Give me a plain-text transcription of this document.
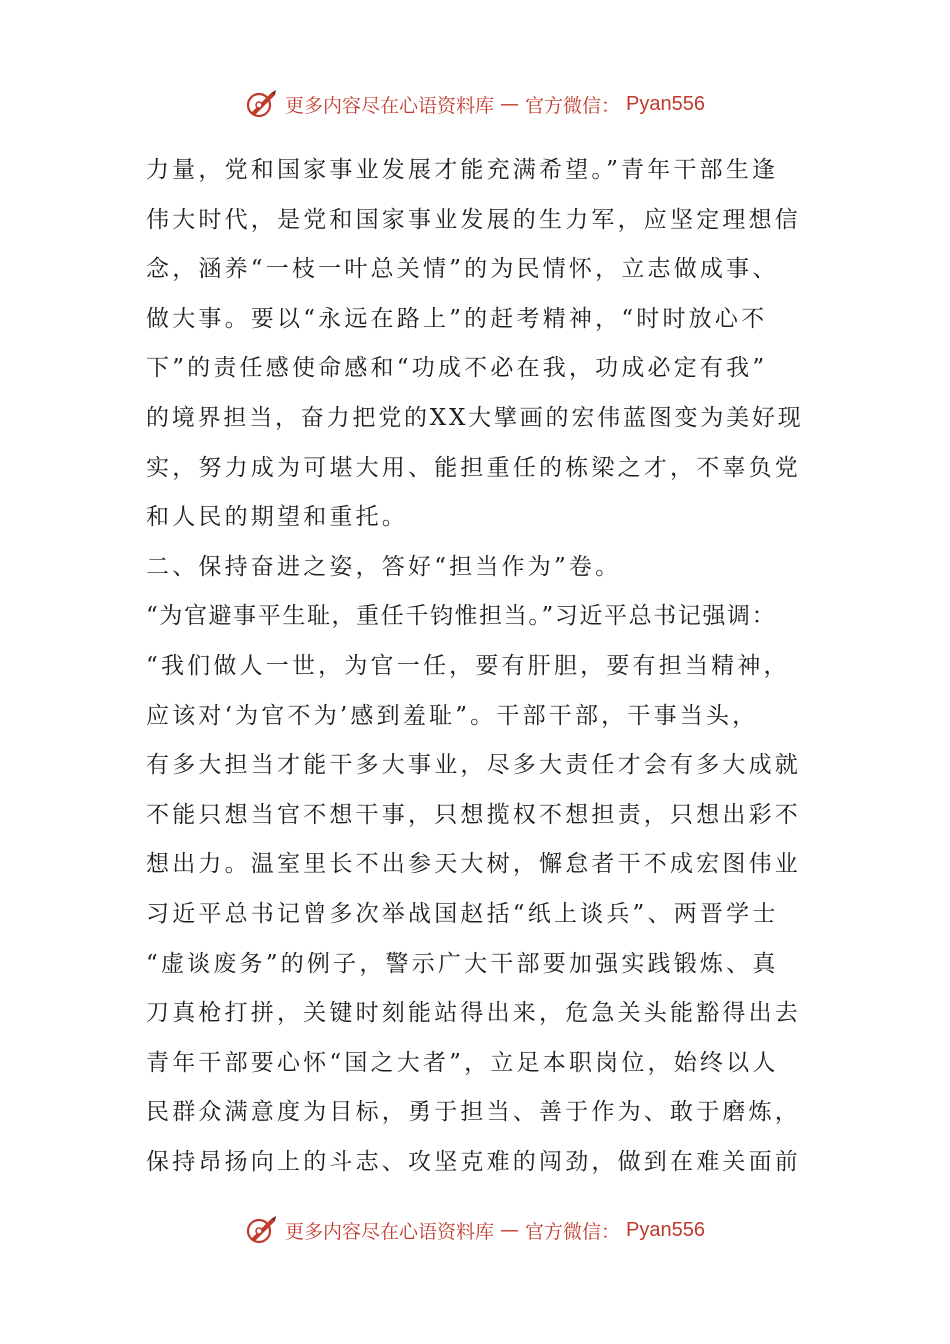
更多内容尽在心语资料库 — 官方微信： Pyan556
力量，党和国家事业发展才能充满希望。”青年干部生逢
伟大时代，是党和国家事业发展的生力军，应坚定理想信
念，涵养“一枝一叶总关情”的为民情怀，立志做成事、
做大事。要以“永远在路上”的赶考精神，“时时放心不
下”的责任感使命感和“功成不必在我，功成必定有我”
的境界担当，奋力把党的XX大擘画的宏伟蓝图变为美好现
实，努力成为可堪大用、能担重任的栋梁之才，不辜负党
和人民的期望和重托。
二、保持奋进之姿，答好“担当作为”卷。
“为官避事平生耻，重任千钧惟担当。”习近平总书记强调：
“我们做人一世，为官一任，要有肝胆，要有担当精神，
应该对‘为官不为’感到羞耻”。干部干部，干事当头，
有多大担当才能干多大事业，尽多大责任才会有多大成就
不能只想当官不想干事，只想揽权不想担责，只想出彩不
想出力。温室里长不出参天大树，懈怠者干不成宏图伟业
习近平总书记曾多次举战国赵括“纸上谈兵”、两晋学士
“虚谈废务”的例子，警示广大干部要加强实践锻炼、真
刀真枪打拼，关键时刻能站得出来，危急关头能豁得出去
青年干部要心怀“国之大者”，立足本职岗位，始终以人
民群众满意度为目标，勇于担当、善于作为、敢于磨炼，
保持昂扬向上的斗志、攻坚克难的闯劲，做到在难关面前
更多内容尽在心语资料库 — 官方微信： Pyan556
